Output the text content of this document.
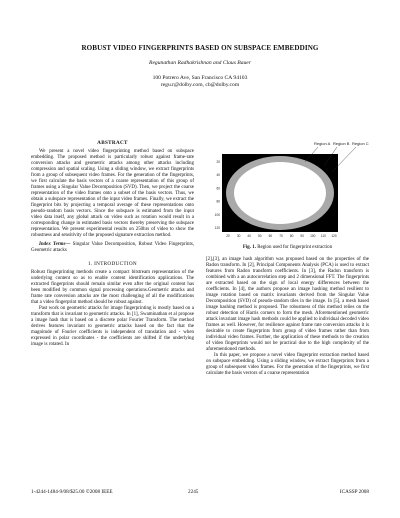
ROBUST VIDEO FINGERPRINTS BASED ON SUBSPACE EMBEDDING
Regunathan Radhakrishnan and Claus Bauer
100 Potrero Ave, San Francisco CA 94103
regu.r@dolby.com, cb@dolby.com
ABSTRACT

We present a novel video fingerprinting method based on subspace embedding. The proposed method is particularly robust against frame-rate conversion attacks and geometric attacks among other attacks including compression and spatial scaling. Using a sliding window, we extract fingerprints from a group of subsequent video frames. For the generation of the fingerprints, we first calculate the basis vectors of a coarse representation of this group of frames using a Singular Value Decomposition (SVD). Then, we project the coarse representation of the video frames onto a subset of the basis vectors. Thus, we obtain a subspace representation of the input video frames. Finally, we extract the fingerprint bits by projecting a temporal average of these representations onto pseudo-random basis vectors. Since the subspace is estimated from the input video data itself, any global attack on video such as rotation would result in a corresponding change in estimated basis vectors thereby preserving the subspace representation. We present experimental results on 250hrs of video to show the robustness and sensitivity of the proposed signature extraction method.

Index Terms— Singular Value Decomposition, Robust Video Fingerprints, Geometric attacks

1. INTRODUCTION

Robust fingerprinting methods create a compact bitstream representation of the underlying content so as to enable content identification applications. The extracted fingerprints should remain similar even after the original content has been modified by common signal processing operations.Geometric attacks and frame rate conversion attacks are the most challenging of all the modifications that a video fingerprint method should be robust against.

Past work on geometric attacks for image fingerprinting is mostly based on a transform that is invariant to geometric attacks. In [1], Swaminathan et al propose a image hash that is based on a discrete polar Fourier Transform. The method derives features invariant to geometric attacks based on the fact that the magnitude of Fourier coefficients is independent of translation and - when expressed in polar coordinates - the coefficients are shifted if the underlying image is rotated. In

Region A Region B Region C
20 30 40 50 60 70 80 90 100 110 120
20
40
60
80
100
120
Fig. 1. Region used for fingerprint extraction

[2],[3], an image hash algorithm was proposed based on the properties of the Radon transform. In [2], Principal Components Analysis (PCA) is used to extract features from Radon transform coefficients. In [3], the Radon transform is combined with a an autocorrelation step and 2 dimensional FFT. The fingerprints are extracted based on the sign of local energy differences between the coefficients. In [4], the authors propose an image hashing method resilient to image rotation based on matrix invariants derived from the Singular Value Decomposition (SVD) of pseudo-random tiles in the image. In [5], a mesh based image hashing method is proposed. The robustness of this method relies on the robust detection of Harris corners to form the mesh. Aforementioned geometric attack invariant image hash methods could be applied to individual decoded video frames as well. However, for resilience against frame rate conversion attacks it is desirable to create fingerprints from group of video frames rather than from individual video frames. Further, the application of these methods to the creation of video fingerprints would not be practical due to the high complexity of the aforementioned methods.

In this paper, we propose a novel video fingerprint extraction method based on subspace embedding. Using a sliding window, we extract fingerprints from a group of subsequent video frames. For the generation of the fingerprints, we first calculate the basis vectors of a coarse representation

1-4244-1484-9/08/$25.00 ©2008 IEEE	2245	ICASSP 2008
